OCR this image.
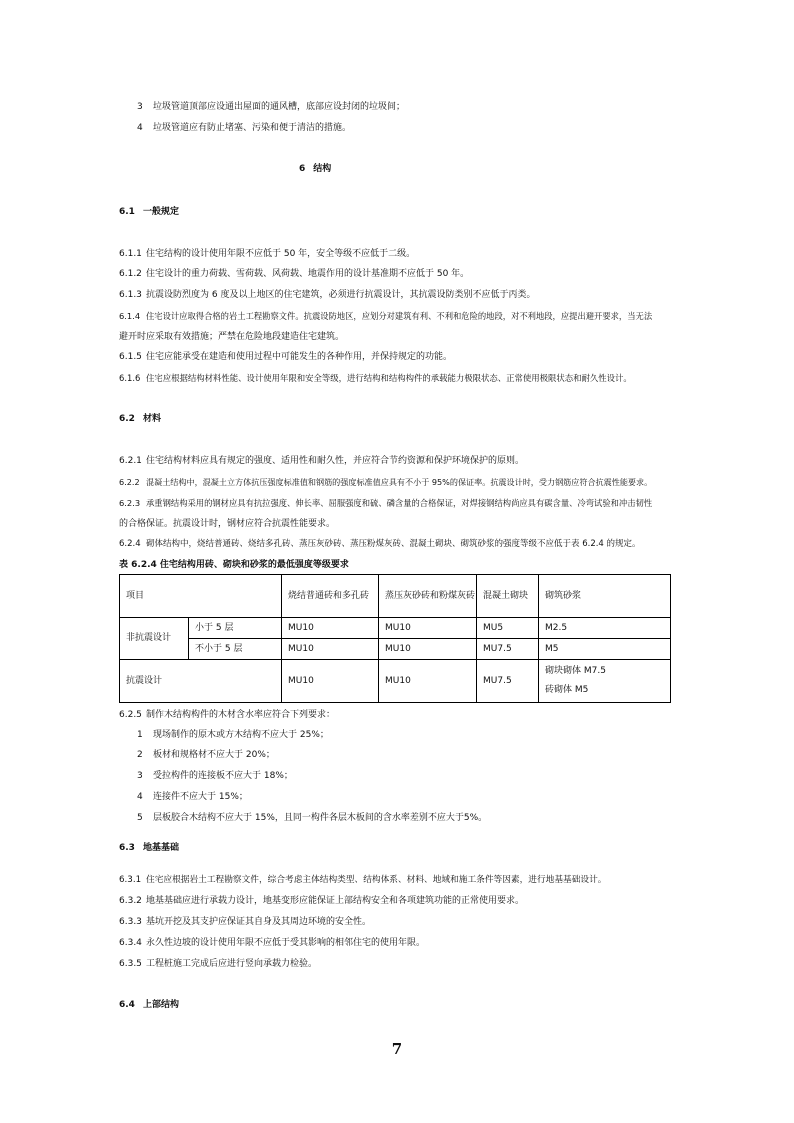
3 垃圾管道顶部应设通出屋面的通风槽，底部应设封闭的垃圾间；
4 垃圾管道应有防止堵塞、污染和便于清洁的措施。
6 结构
6.1 一般规定
6.1.1 住宅结构的设计使用年限不应低于 50 年，安全等级不应低于二级。
6.1.2 住宅设计的重力荷载、雪荷载、风荷载、地震作用的设计基准期不应低于 50 年。
6.1.3 抗震设防烈度为 6 度及以上地区的住宅建筑，必须进行抗震设计，其抗震设防类别不应低于丙类。
6.1.4 住宅设计应取得合格的岩土工程勘察文件。抗震设防地区，应划分对建筑有利、不利和危险的地段，对不利地段，应提出避开要求，当无法
避开时应采取有效措施；严禁在危险地段建造住宅建筑。
6.1.5 住宅应能承受在建造和使用过程中可能发生的各种作用，并保持规定的功能。
6.1.6 住宅应根据结构材料性能、设计使用年限和安全等级，进行结构和结构构件的承载能力极限状态、正常使用极限状态和耐久性设计。
6.2 材料
6.2.1 住宅结构材料应具有规定的强度、适用性和耐久性，并应符合节约资源和保护环境保护的原则。
6.2.2 混凝土结构中，混凝土立方体抗压强度标准值和钢筋的强度标准值应具有不小于 95%的保证率。抗震设计时，受力钢筋应符合抗震性能要求。
6.2.3 承重钢结构采用的钢材应具有抗拉强度、伸长率、屈服强度和硫、磷含量的合格保证，对焊接钢结构尚应具有碳含量、冷弯试验和冲击韧性
的合格保证。抗震设计时，钢材应符合抗震性能要求。
6.2.4 砌体结构中，烧结普通砖、烧结多孔砖、蒸压灰砂砖、蒸压粉煤灰砖、混凝土砌块、砌筑砂浆的强度等级不应低于表 6.2.4 的规定。
表 6.2.4 住宅结构用砖、砌块和砂浆的最低强度等级要求
项目		烧结普通砖和多孔砖	蒸压灰砂砖和粉煤灰砖	混凝土砌块	砌筑砂浆
非抗震设计	小于 5 层	MU10	MU10	MU5	M2.5
	不小于 5 层	MU10	MU10	MU7.5	M5
抗震设计		MU10	MU10	MU7.5	砌块砌体 M7.5
砖砌体 M5
6.2.5 制作木结构构件的木材含水率应符合下列要求：
1 现场制作的原木或方木结构不应大于 25%；
2 板材和规格材不应大于 20%；
3 受拉构件的连接板不应大于 18%；
4 连接件不应大于 15%；
5 层板胶合木结构不应大于 15%，且同一构件各层木板间的含水率差别不应大于5%。
6.3 地基基础
6.3.1 住宅应根据岩土工程勘察文件，综合考虑主体结构类型、结构体系、材料、地域和施工条件等因素，进行地基基础设计。
6.3.2 地基基础应进行承载力设计，地基变形应能保证上部结构安全和各项建筑功能的正常使用要求。
6.3.3 基坑开挖及其支护应保证其自身及其周边环境的安全性。
6.3.4 永久性边坡的设计使用年限不应低于受其影响的相邻住宅的使用年限。
6.3.5 工程桩施工完成后应进行竖向承载力检验。
6.4 上部结构
7
